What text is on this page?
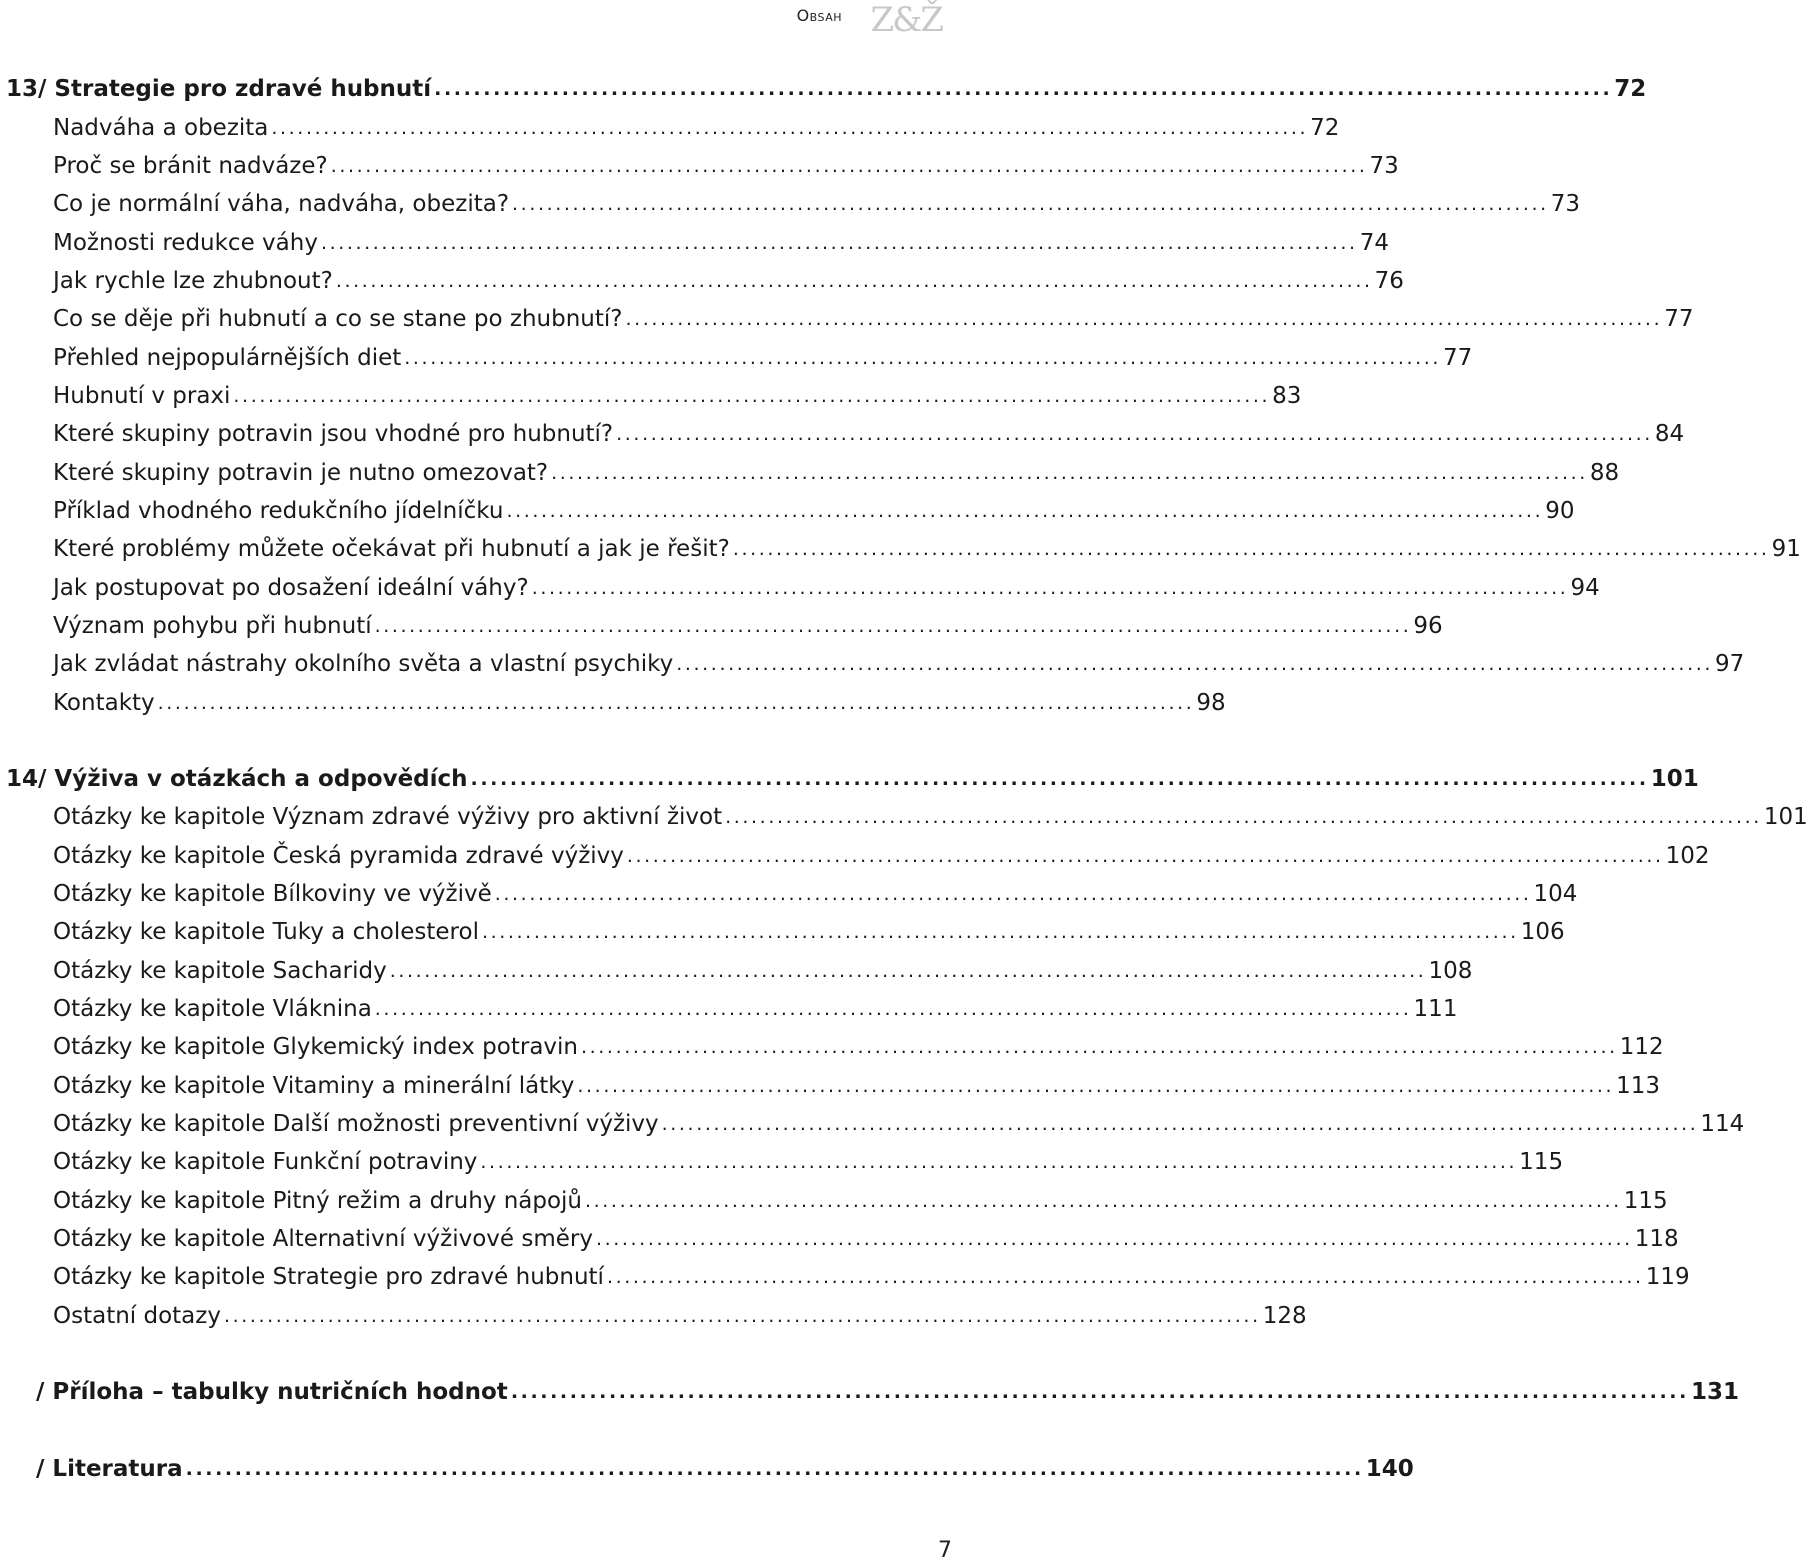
Obsah Z&Ž
13/ Strategie pro zdravé hubnutí ........................................................................................................................ 72
Nadváha a obezita ........................................................................................................................ 72
Proč se bránit nadváze? ........................................................................................................................ 73
Co je normální váha, nadváha, obezita? ........................................................................................................................ 73
Možnosti redukce váhy ........................................................................................................................ 74
Jak rychle lze zhubnout? ........................................................................................................................ 76
Co se děje při hubnutí a co se stane po zhubnutí? ........................................................................................................................ 77
Přehled nejpopulárnějších diet ........................................................................................................................ 77
Hubnutí v praxi ........................................................................................................................ 83
Které skupiny potravin jsou vhodné pro hubnutí? ........................................................................................................................ 84
Které skupiny potravin je nutno omezovat? ........................................................................................................................ 88
Příklad vhodného redukčního jídelníčku ........................................................................................................................ 90
Které problémy můžete očekávat při hubnutí a jak je řešit? ........................................................................................................................ 91
Jak postupovat po dosažení ideální váhy? ........................................................................................................................ 94
Význam pohybu při hubnutí ........................................................................................................................ 96
Jak zvládat nástrahy okolního světa a vlastní psychiky ........................................................................................................................ 97
Kontakty ........................................................................................................................ 98
14/ Výživa v otázkách a odpovědích ........................................................................................................................ 101
Otázky ke kapitole Význam zdravé výživy pro aktivní život ........................................................................................................................ 101
Otázky ke kapitole Česká pyramida zdravé výživy ........................................................................................................................ 102
Otázky ke kapitole Bílkoviny ve výživě ........................................................................................................................ 104
Otázky ke kapitole Tuky a cholesterol ........................................................................................................................ 106
Otázky ke kapitole Sacharidy ........................................................................................................................ 108
Otázky ke kapitole Vláknina ........................................................................................................................ 111
Otázky ke kapitole Glykemický index potravin ........................................................................................................................ 112
Otázky ke kapitole Vitaminy a minerální látky ........................................................................................................................ 113
Otázky ke kapitole Další možnosti preventivní výživy ........................................................................................................................ 114
Otázky ke kapitole Funkční potraviny ........................................................................................................................ 115
Otázky ke kapitole Pitný režim a druhy nápojů ........................................................................................................................ 115
Otázky ke kapitole Alternativní výživové směry ........................................................................................................................ 118
Otázky ke kapitole Strategie pro zdravé hubnutí ........................................................................................................................ 119
Ostatní dotazy ........................................................................................................................ 128
/ Příloha – tabulky nutričních hodnot ........................................................................................................................ 131
/ Literatura ........................................................................................................................ 140
7
